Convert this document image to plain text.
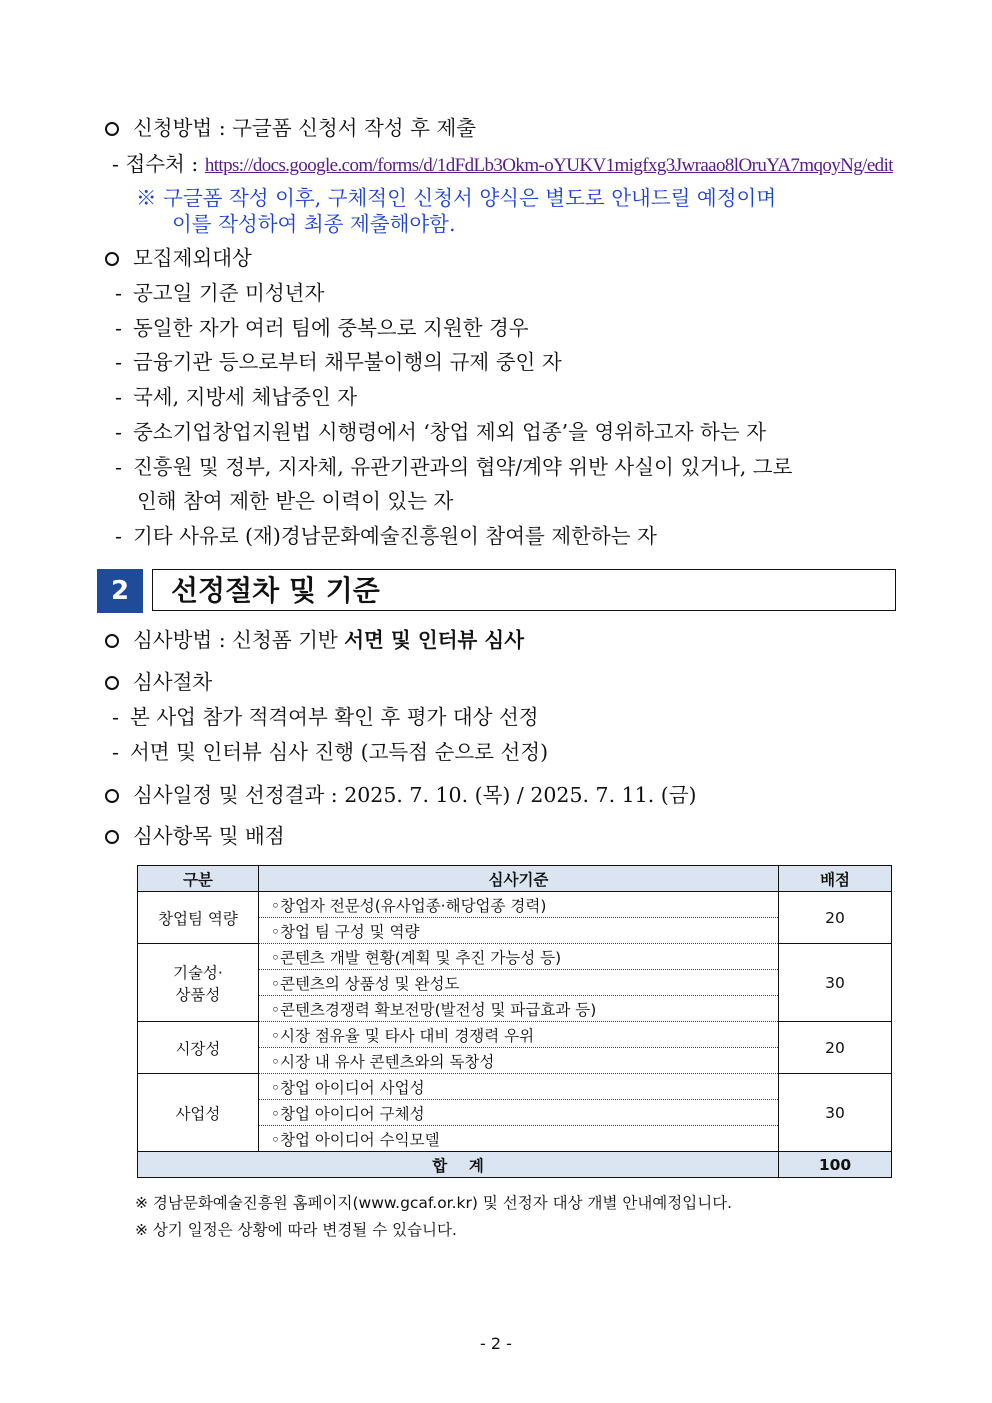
신청방법 : 구글폼 신청서 작성 후 제출
- 접수처 : https://docs.google.com/forms/d/1dFdLb3Okm-oYUKV1migfxg3Jwraao8lOruYA7mqoyNg/edit
※ 구글폼 작성 이후, 구체적인 신청서 양식은 별도로 안내드릴 예정이며
이를 작성하여 최종 제출해야함.
모집제외대상
- 공고일 기준 미성년자
- 동일한 자가 여러 팀에 중복으로 지원한 경우
- 금융기관 등으로부터 채무불이행의 규제 중인 자
- 국세, 지방세 체납중인 자
- 중소기업창업지원법 시행령에서 ‘창업 제외 업종’을 영위하고자 하는 자
- 진흥원 및 정부, 지자체, 유관기관과의 협약/계약 위반 사실이 있거나, 그로
인해 참여 제한 받은 이력이 있는 자
- 기타 사유로 (재)경남문화예술진흥원이 참여를 제한하는 자
2	선정절차 및 기준
심사방법 : 신청폼 기반 서면 및 인터뷰 심사
심사절차
- 본 사업 참가 적격여부 확인 후 평가 대상 선정
- 서면 및 인터뷰 심사 진행 (고득점 순으로 선정)
심사일정 및 선정결과 : 2025. 7. 10. (목) / 2025. 7. 11. (금)
심사항목 및 배점
구분	심사기준	배점
창업팀 역량	◦창업자 전문성(유사업종·해당업종 경력)	20
	◦창업 팀 구성 및 역량	
기술성·
상품성	◦콘텐츠 개발 현황(계획 및 추진 가능성 등)	30
	◦콘텐츠의 상품성 및 완성도	
	◦콘텐츠경쟁력 확보전망(발전성 및 파급효과 등)	
시장성	◦시장 점유율 및 타사 대비 경쟁력 우위	20
	◦시장 내 유사 콘텐츠와의 독창성	
사업성	◦창업 아이디어 사업성	30
	◦창업 아이디어 구체성	
	◦창업 아이디어 수익모델	
합    계		100
※ 경남문화예술진흥원 홈페이지(www.gcaf.or.kr) 및 선정자 대상 개별 안내예정입니다.
※ 상기 일정은 상황에 따라 변경될 수 있습니다.
- 2 -
